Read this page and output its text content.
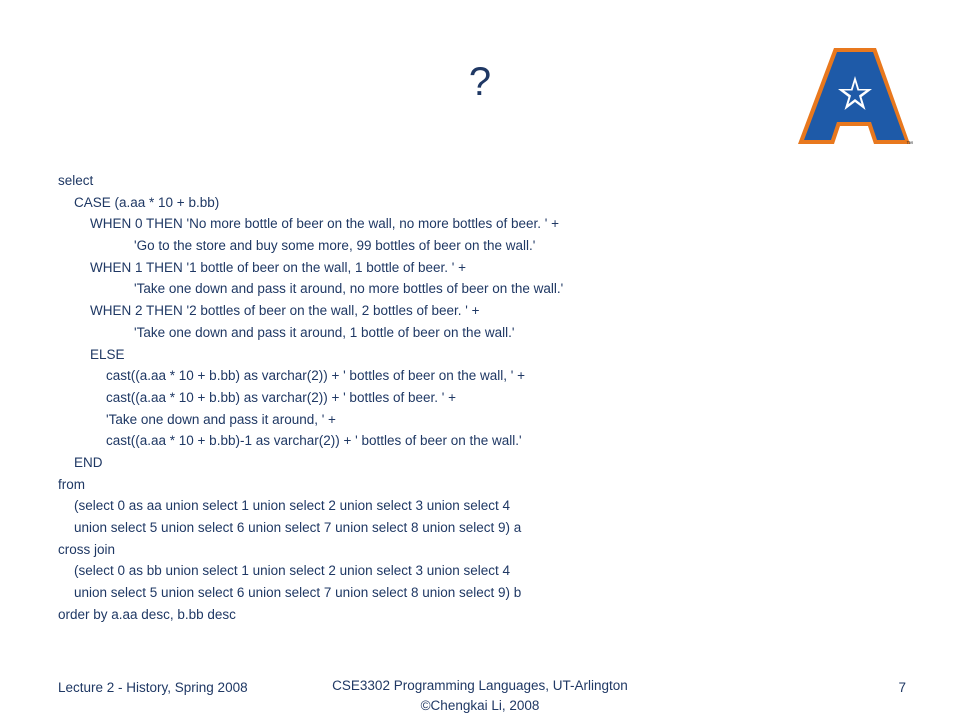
?
™
select
CASE (a.aa * 10 + b.bb)
WHEN 0 THEN 'No more bottle of beer on the wall, no more bottles of beer. ' +
'Go to the store and buy some more, 99 bottles of beer on the wall.'
WHEN 1 THEN '1 bottle of beer on the wall, 1 bottle of beer. ' +
'Take one down and pass it around, no more bottles of beer on the wall.'
WHEN 2 THEN '2 bottles of beer on the wall, 2 bottles of beer. ' +
'Take one down and pass it around, 1 bottle of beer on the wall.'
ELSE
cast((a.aa * 10 + b.bb) as varchar(2)) + ' bottles of beer on the wall, ' +
cast((a.aa * 10 + b.bb) as varchar(2)) + ' bottles of beer. ' +
'Take one down and pass it around, ' +
cast((a.aa * 10 + b.bb)-1 as varchar(2)) + ' bottles of beer on the wall.'
END
from
(select 0 as aa union select 1 union select 2 union select 3 union select 4
union select 5 union select 6 union select 7 union select 8 union select 9) a
cross join
(select 0 as bb union select 1 union select 2 union select 3 union select 4
union select 5 union select 6 union select 7 union select 8 union select 9) b
order by a.aa desc, b.bb desc
Lecture 2 - History, Spring 2008	CSE3302 Programming Languages, UT-Arlington
©Chengkai Li, 2008
7
